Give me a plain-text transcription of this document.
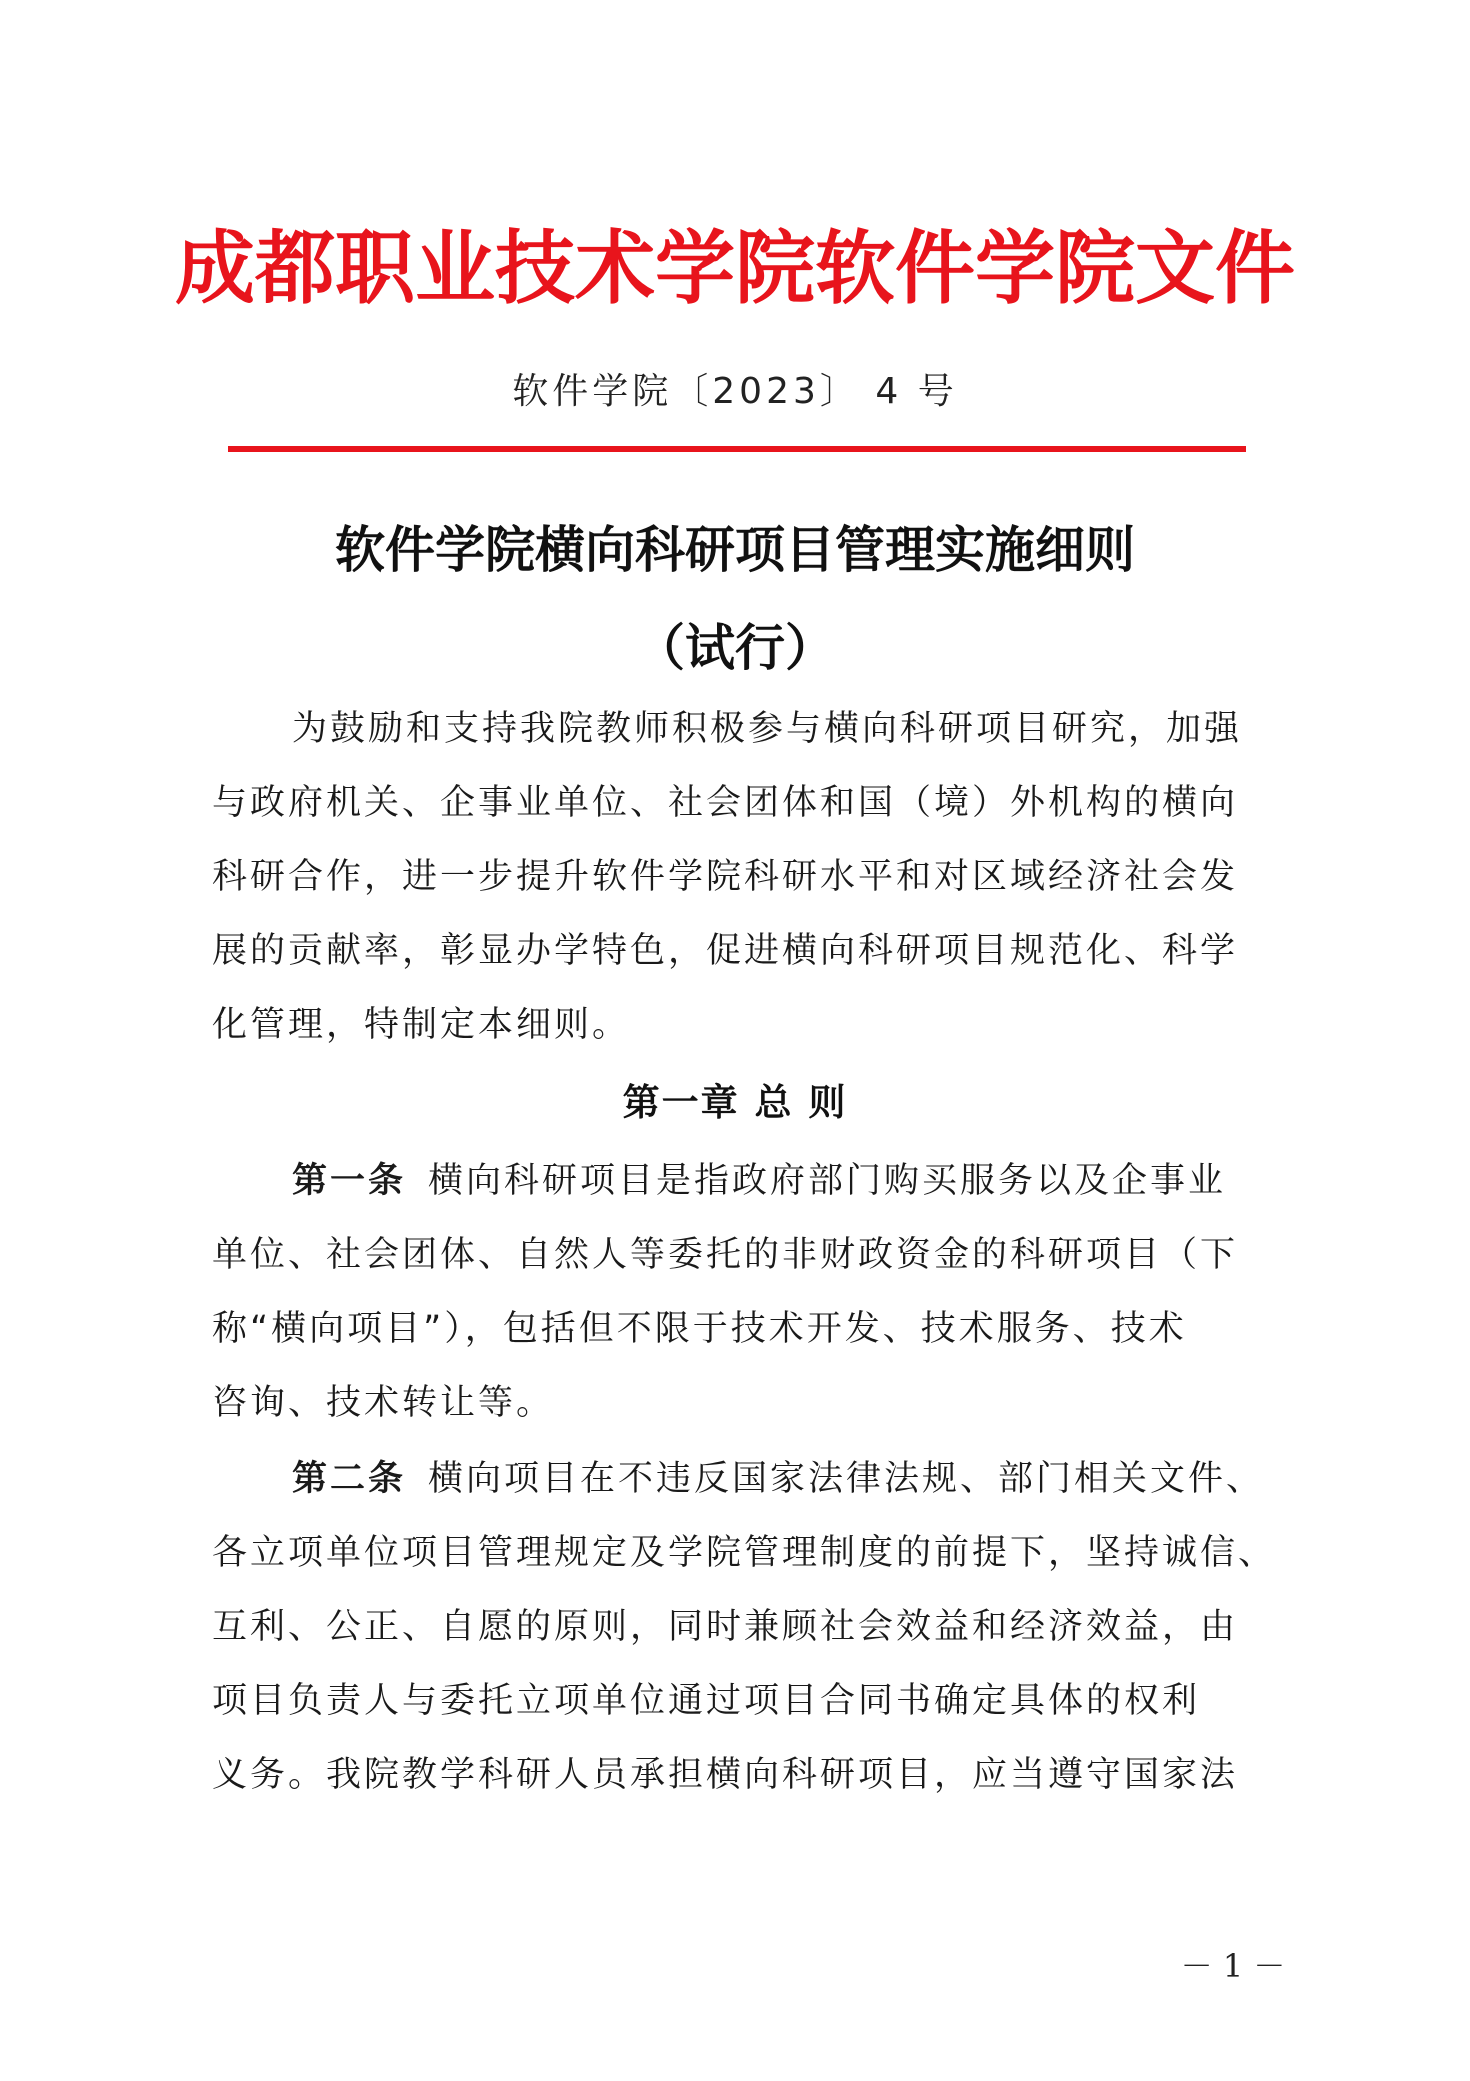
成都职业技术学院软件学院文件
软件学院〔2023〕 4 号
软件学院横向科研项目管理实施细则
（试行）
为鼓励和支持我院教师积极参与横向科研项目研究，加强
与政府机关、企事业单位、社会团体和国（境）外机构的横向
科研合作，进一步提升软件学院科研水平和对区域经济社会发
展的贡献率，彰显办学特色，促进横向科研项目规范化、科学
化管理，特制定本细则。
第一章 总 则
第一条 横向科研项目是指政府部门购买服务以及企事业
单位、社会团体、自然人等委托的非财政资金的科研项目（下
称“横向项目”），包括但不限于技术开发、技术服务、技术
咨询、技术转让等。
第二条 横向项目在不违反国家法律法规、部门相关文件、
各立项单位项目管理规定及学院管理制度的前提下，坚持诚信、
互利、公正、自愿的原则，同时兼顾社会效益和经济效益，由
项目负责人与委托立项单位通过项目合同书确定具体的权利
义务。我院教学科研人员承担横向科研项目，应当遵守国家法
－ 1 －
